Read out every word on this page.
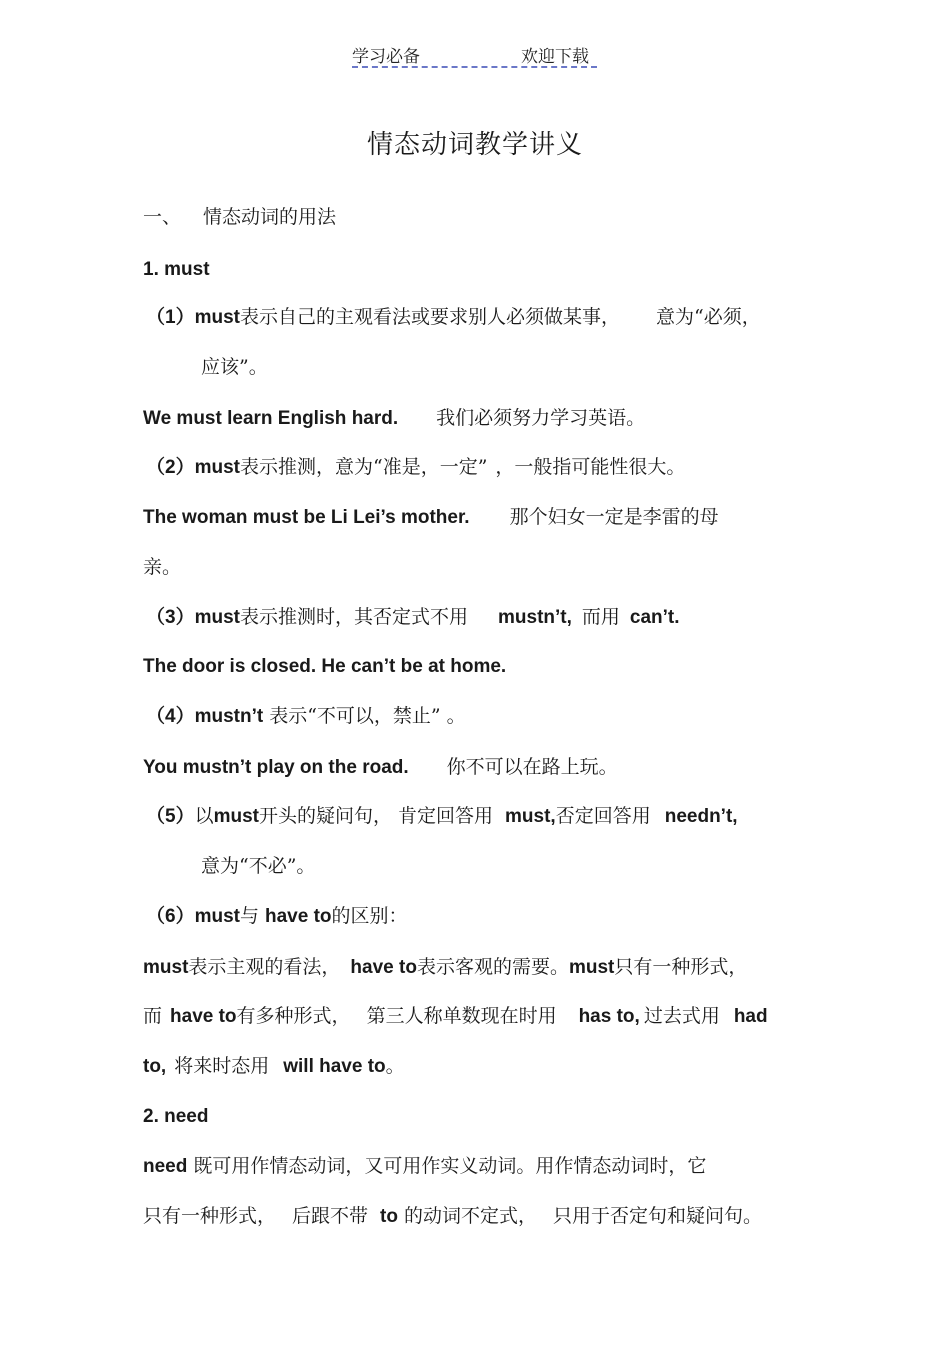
学习必备	欢迎下载
情态动词教学讲义
一、 情态动词的用法
1. must
（1）must表示自己的主观看法或要求别人必须做某事， 意为“必须，
应该”。
We must learn English hard. 我们必须努力学习英语。
（2）must表示推测，意为“准是，一定” ，一般指可能性很大。
The woman must be Li Lei’s mother. 那个妇女一定是李雷的母
亲。
（3）must表示推测时，其否定式不用 mustn’t, 而用 can’t.
The door is closed. He can’t be at home.
（4）mustn’t 表示“不可以，禁止” 。
You mustn’t play on the road. 你不可以在路上玩。
（5）以must开头的疑问句， 肯定回答用 must,否定回答用 needn’t,
意为“不必”。
（6）must与 have to的区别：
must表示主观的看法， have to表示客观的需要。must只有一种形式，
而 have to有多种形式， 第三人称单数现在时用 has to, 过去式用 had
to, 将来时态用 will have to。
2. need
need 既可用作情态动词，又可用作实义动词。用作情态动词时，它
只有一种形式， 后跟不带 to 的动词不定式， 只用于否定句和疑问句。
